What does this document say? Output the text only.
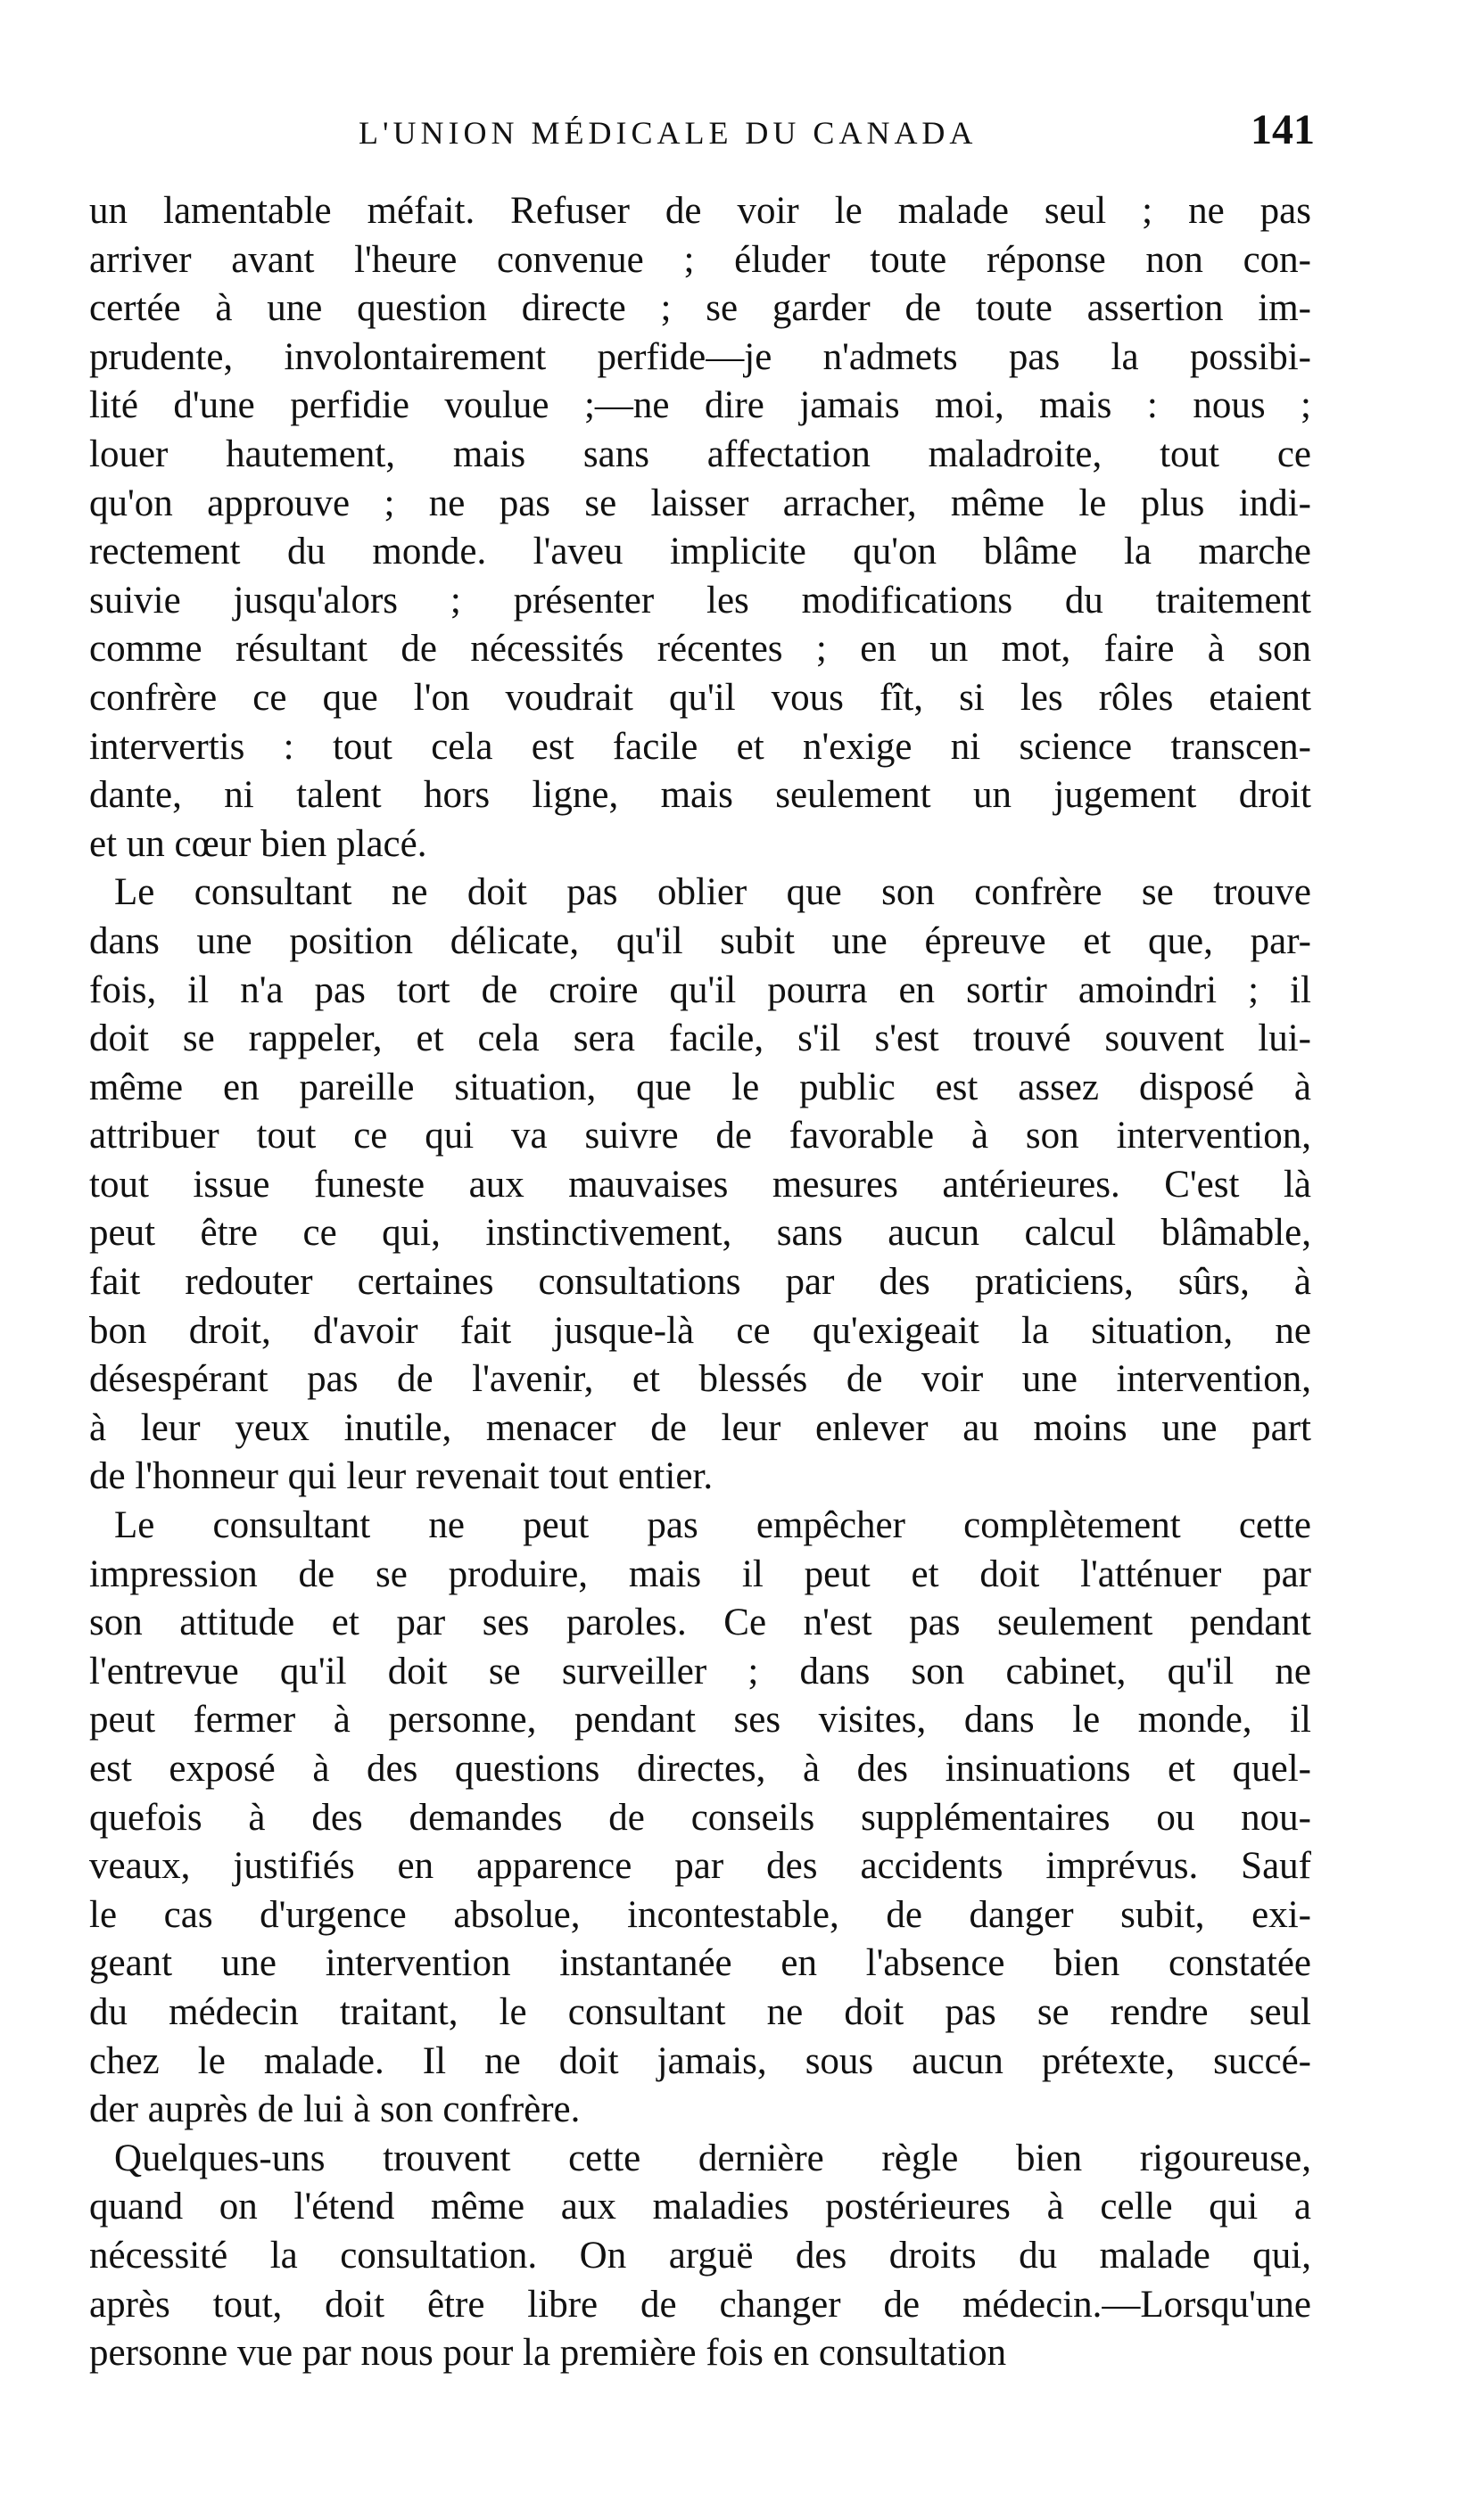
L'UNION MÉDICALE DU CANADA	141
un lamentable méfait. Refuser de voir le malade seul ; ne pas
arriver avant l'heure convenue ; éluder toute réponse non con-
certée à une question directe ; se garder de toute assertion im-
prudente, involontairement perfide—je n'admets pas la possibi-
lité d'une perfidie voulue ;—ne dire jamais moi, mais : nous ;
louer hautement, mais sans affectation maladroite, tout ce
qu'on approuve ; ne pas se laisser arracher, même le plus indi-
rectement du monde. l'aveu implicite qu'on blâme la marche
suivie jusqu'alors ; présenter les modifications du traitement
comme résultant de nécessités récentes ; en un mot, faire à son
confrère ce que l'on voudrait qu'il vous fît, si les rôles etaient
intervertis : tout cela est facile et n'exige ni science transcen-
dante, ni talent hors ligne, mais seulement un jugement droit
et un cœur bien placé.
Le consultant ne doit pas oblier que son confrère se trouve
dans une position délicate, qu'il subit une épreuve et que, par-
fois, il n'a pas tort de croire qu'il pourra en sortir amoindri ; il
doit se rappeler, et cela sera facile, s'il s'est trouvé souvent lui-
même en pareille situation, que le public est assez disposé à
attribuer tout ce qui va suivre de favorable à son intervention,
tout issue funeste aux mauvaises mesures antérieures. C'est là
peut être ce qui, instinctivement, sans aucun calcul blâmable,
fait redouter certaines consultations par des praticiens, sûrs, à
bon droit, d'avoir fait jusque-là ce qu'exigeait la situation, ne
désespérant pas de l'avenir, et blessés de voir une intervention,
à leur yeux inutile, menacer de leur enlever au moins une part
de l'honneur qui leur revenait tout entier.
Le consultant ne peut pas empêcher complètement cette
impression de se produire, mais il peut et doit l'atténuer par
son attitude et par ses paroles. Ce n'est pas seulement pendant
l'entrevue qu'il doit se surveiller ; dans son cabinet, qu'il ne
peut fermer à personne, pendant ses visites, dans le monde, il
est exposé à des questions directes, à des insinuations et quel-
quefois à des demandes de conseils supplémentaires ou nou-
veaux, justifiés en apparence par des accidents imprévus. Sauf
le cas d'urgence absolue, incontestable, de danger subit, exi-
geant une intervention instantanée en l'absence bien constatée
du médecin traitant, le consultant ne doit pas se rendre seul
chez le malade. Il ne doit jamais, sous aucun prétexte, succé-
der auprès de lui à son confrère.
Quelques-uns trouvent cette dernière règle bien rigoureuse,
quand on l'étend même aux maladies postérieures à celle qui a
nécessité la consultation. On arguë des droits du malade qui,
après tout, doit être libre de changer de médecin.—Lorsqu'une
personne vue par nous pour la première fois en consultation
